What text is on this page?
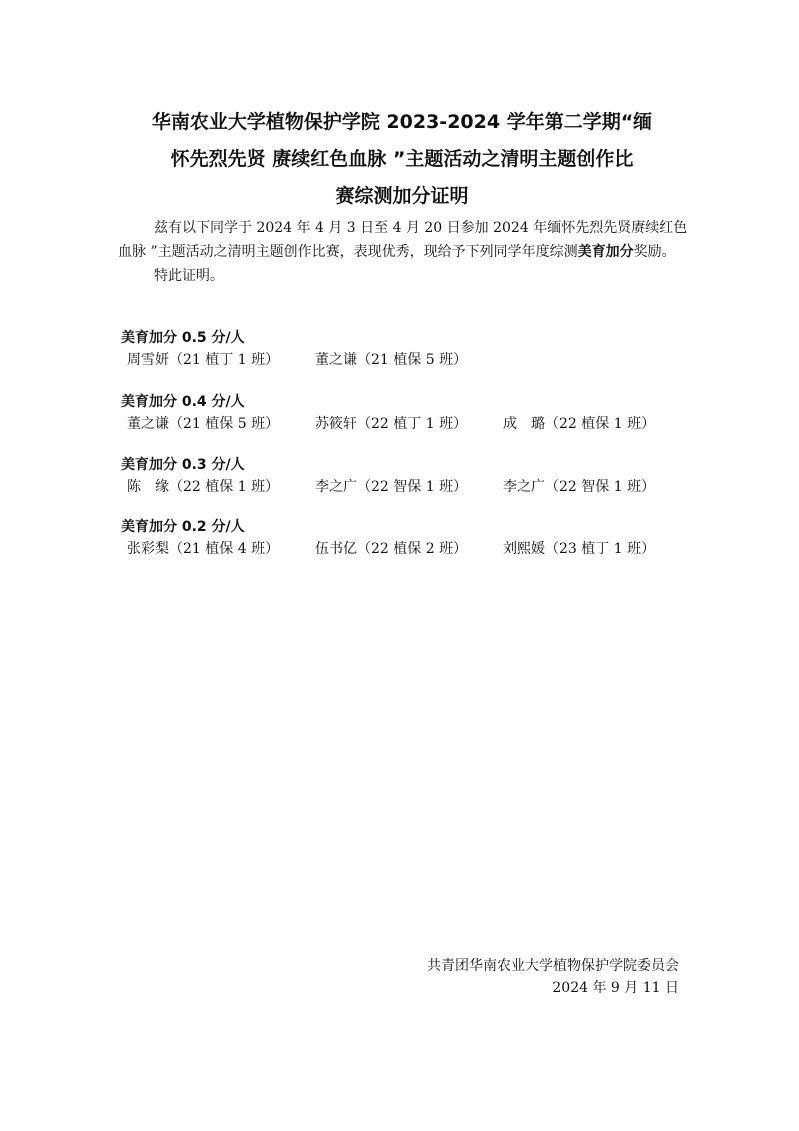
华南农业大学植物保护学院 2023-2024 学年第二学期“缅
怀先烈先贤 赓续红色血脉 ”主题活动之清明主题创作比
赛综测加分证明

兹有以下同学于 2024 年 4 月 3 日至 4 月 20 日参加 2024 年缅怀先烈先贤赓续红色血脉 ”主题活动之清明主题创作比赛，表现优秀，现给予下列同学年度综测美育加分奖励。

特此证明。

美育加分 0.5 分/人
周雪妍（21 植丁 1 班）	董之谦（21 植保 5 班）
美育加分 0.4 分/人
董之谦（21 植保 5 班）	苏筱轩（22 植丁 1 班）	成　璐（22 植保 1 班）
美育加分 0.3 分/人
陈　缘（22 植保 1 班）	李之广（22 智保 1 班）	李之广（22 智保 1 班）
美育加分 0.2 分/人
张彩梨（21 植保 4 班）	伍书亿（22 植保 2 班）	刘熙媛（23 植丁 1 班）
共青团华南农业大学植物保护学院委员会
2024 年 9 月 11 日
